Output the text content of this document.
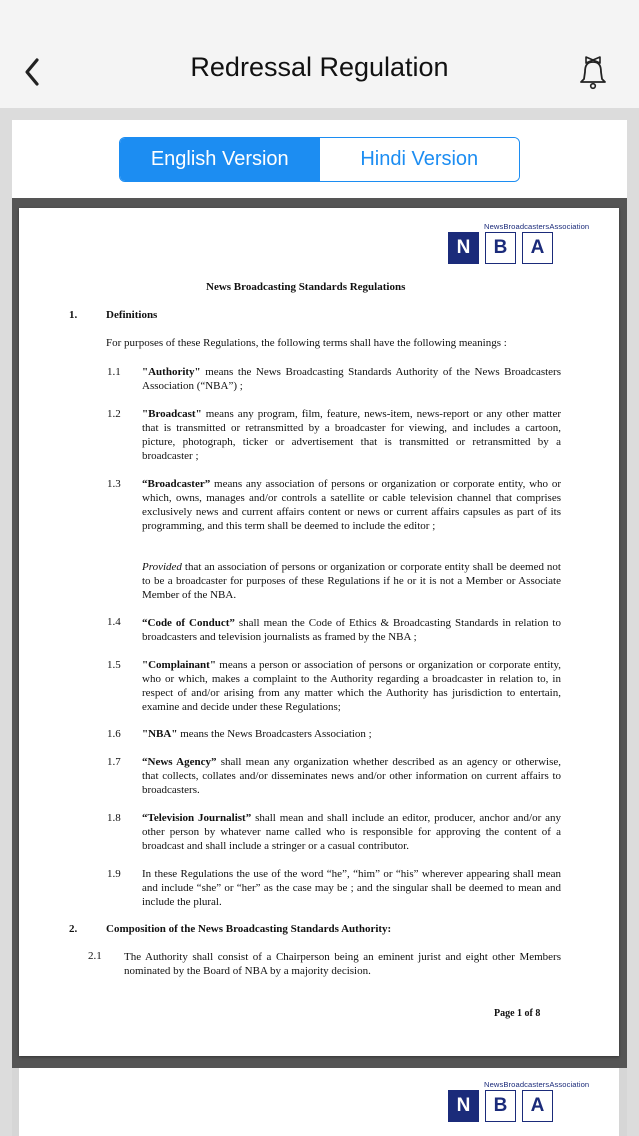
Redressal Regulation
English Version	Hindi Version
NewsBroadcastersAssociation
N	B	A
News Broadcasting Standards Regulations
1.	Definitions
For purposes of these Regulations, the following terms shall have the following meanings :
1.1 "Authority" means the News Broadcasting Standards Authority of the News Broadcasters Association (“NBA”) ;
1.2 "Broadcast" means any program, film, feature, news-item, news-report or any other matter that is transmitted or retransmitted by a broadcaster for viewing, and includes a cartoon, picture, photograph, ticker or advertisement that is transmitted or retransmitted by a broadcaster ;
1.3 “Broadcaster” means any association of persons or organization or corporate entity, who or which, owns, manages and/or controls a satellite or cable television channel that comprises exclusively news and current affairs content or news or current affairs capsules as part of its programming, and this term shall be deemed to include the editor ;
Provided that an association of persons or organization or corporate entity shall be deemed not to be a broadcaster for purposes of these Regulations if he or it is not a Member or Associate Member of the NBA.
1.4 “Code of Conduct” shall mean the Code of Ethics & Broadcasting Standards in relation to broadcasters and television journalists as framed by the NBA ;
1.5 "Complainant" means a person or association of persons or organization or corporate entity, who or which, makes a complaint to the Authority regarding a broadcaster in relation to, in respect of and/or arising from any matter which the Authority has jurisdiction to entertain, examine and decide under these Regulations;
1.6 "NBA" means the News Broadcasters Association ;
1.7 “News Agency” shall mean any organization whether described as an agency or otherwise, that collects, collates and/or disseminates news and/or other information on current affairs to broadcasters.
1.8 “Television Journalist” shall mean and shall include an editor, producer, anchor and/or any other person by whatever name called who is responsible for approving the content of a broadcast and shall include a stringer or a casual contributor.
1.9 In these Regulations the use of the word “he”, “him” or “his” wherever appearing shall mean and include “she” or “her” as the case may be ; and the singular shall be deemed to mean and include the plural.
2.	Composition of the News Broadcasting Standards Authority:
2.1 The Authority shall consist of a Chairperson being an eminent jurist and eight other Members nominated by the Board of NBA by a majority decision.
Page 1 of 8
NewsBroadcastersAssociation
N	B	A
